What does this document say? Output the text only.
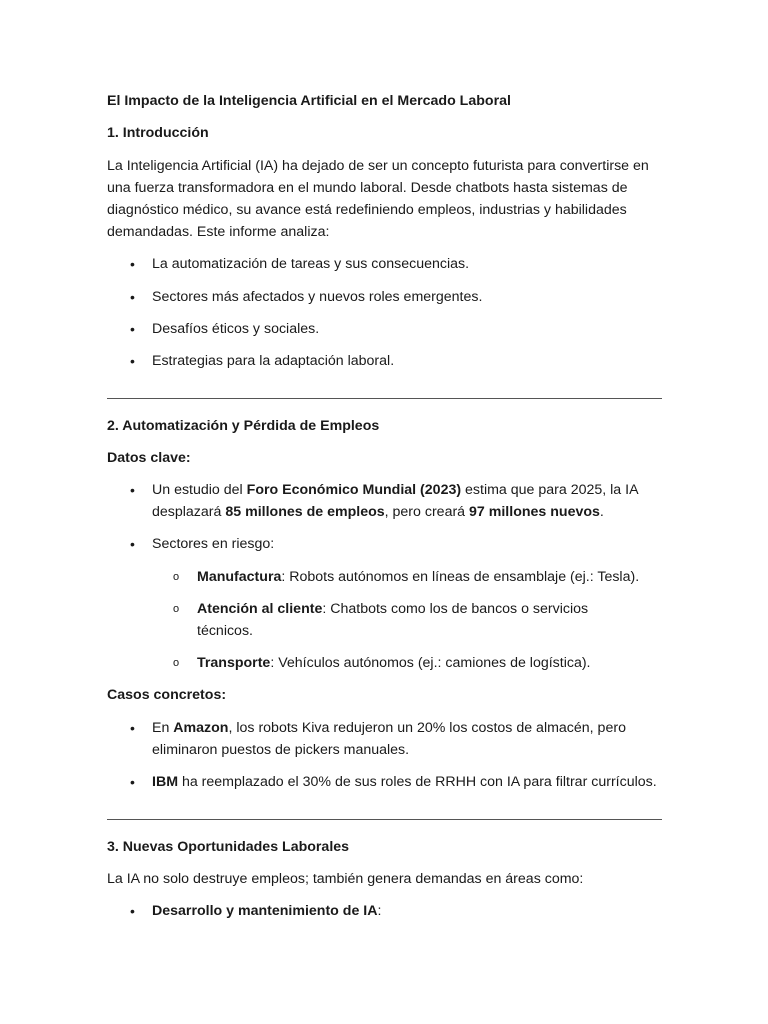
El Impacto de la Inteligencia Artificial en el Mercado Laboral

1. Introducción

La Inteligencia Artificial (IA) ha dejado de ser un concepto futurista para convertirse en una fuerza transformadora en el mundo laboral. Desde chatbots hasta sistemas de diagnóstico médico, su avance está redefiniendo empleos, industrias y habilidades demandadas. Este informe analiza:

• La automatización de tareas y sus consecuencias.

• Sectores más afectados y nuevos roles emergentes.

• Desafíos éticos y sociales.

• Estrategias para la adaptación laboral.

2. Automatización y Pérdida de Empleos

Datos clave:

• Un estudio del Foro Económico Mundial (2023) estima que para 2025, la IA desplazará 85 millones de empleos, pero creará 97 millones nuevos.

• Sectores en riesgo:

o Manufactura: Robots autónomos en líneas de ensamblaje (ej.: Tesla).

o Atención al cliente: Chatbots como los de bancos o servicios técnicos.

o Transporte: Vehículos autónomos (ej.: camiones de logística).

Casos concretos:

• En Amazon, los robots Kiva redujeron un 20% los costos de almacén, pero eliminaron puestos de pickers manuales.

• IBM ha reemplazado el 30% de sus roles de RRHH con IA para filtrar currículos.

3. Nuevas Oportunidades Laborales

La IA no solo destruye empleos; también genera demandas en áreas como:

• Desarrollo y mantenimiento de IA:
